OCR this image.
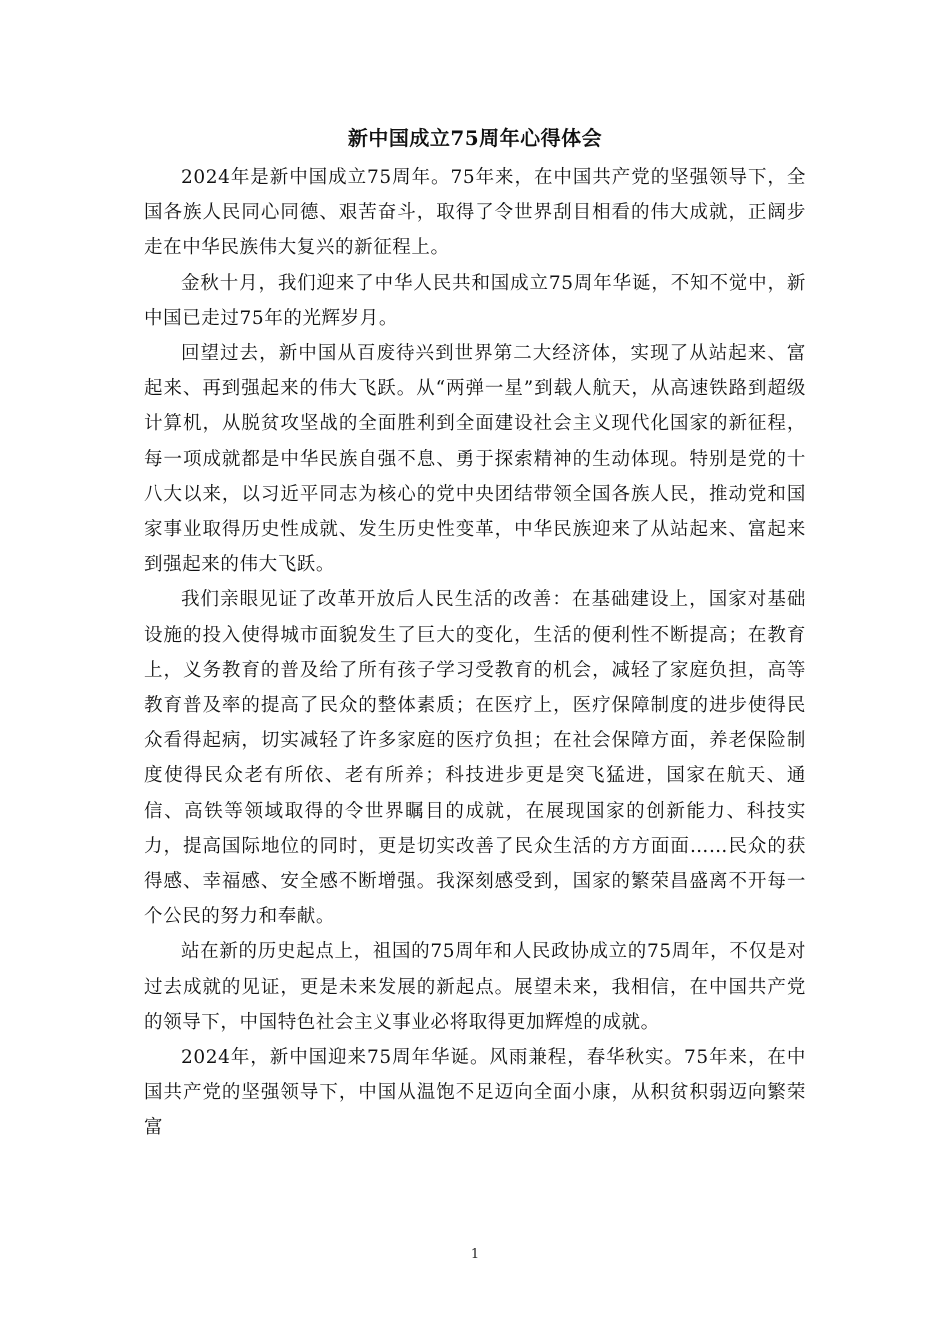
新中国成立75周年心得体会

2024年是新中国成立75周年。75年来，在中国共产党的坚强领导下，全国各族人民同心同德、艰苦奋斗，取得了令世界刮目相看的伟大成就，正阔步走在中华民族伟大复兴的新征程上。

金秋十月，我们迎来了中华人民共和国成立75周年华诞，不知不觉中，新中国已走过75年的光辉岁月。

回望过去，新中国从百废待兴到世界第二大经济体，实现了从站起来、富起来、再到强起来的伟大飞跃。从“两弹一星”到载人航天，从高速铁路到超级计算机，从脱贫攻坚战的全面胜利到全面建设社会主义现代化国家的新征程，每一项成就都是中华民族自强不息、勇于探索精神的生动体现。特别是党的十八大以来，以习近平同志为核心的党中央团结带领全国各族人民，推动党和国家事业取得历史性成就、发生历史性变革，中华民族迎来了从站起来、富起来到强起来的伟大飞跃。

我们亲眼见证了改革开放后人民生活的改善：在基础建设上，国家对基础设施的投入使得城市面貌发生了巨大的变化，生活的便利性不断提高；在教育上，义务教育的普及给了所有孩子学习受教育的机会，减轻了家庭负担，高等教育普及率的提高了民众的整体素质；在医疗上，医疗保障制度的进步使得民众看得起病，切实减轻了许多家庭的医疗负担；在社会保障方面，养老保险制度使得民众老有所依、老有所养；科技进步更是突飞猛进，国家在航天、通信、高铁等领域取得的令世界瞩目的成就，在展现国家的创新能力、科技实力，提高国际地位的同时，更是切实改善了民众生活的方方面面……民众的获得感、幸福感、安全感不断增强。我深刻感受到，国家的繁荣昌盛离不开每一个公民的努力和奉献。

站在新的历史起点上，祖国的75周年和人民政协成立的75周年，不仅是对过去成就的见证，更是未来发展的新起点。展望未来，我相信，在中国共产党的领导下，中国特色社会主义事业必将取得更加辉煌的成就。

2024年，新中国迎来75周年华诞。风雨兼程，春华秋实。75年来，在中国共产党的坚强领导下，中国从温饱不足迈向全面小康，从积贫积弱迈向繁荣富

1
